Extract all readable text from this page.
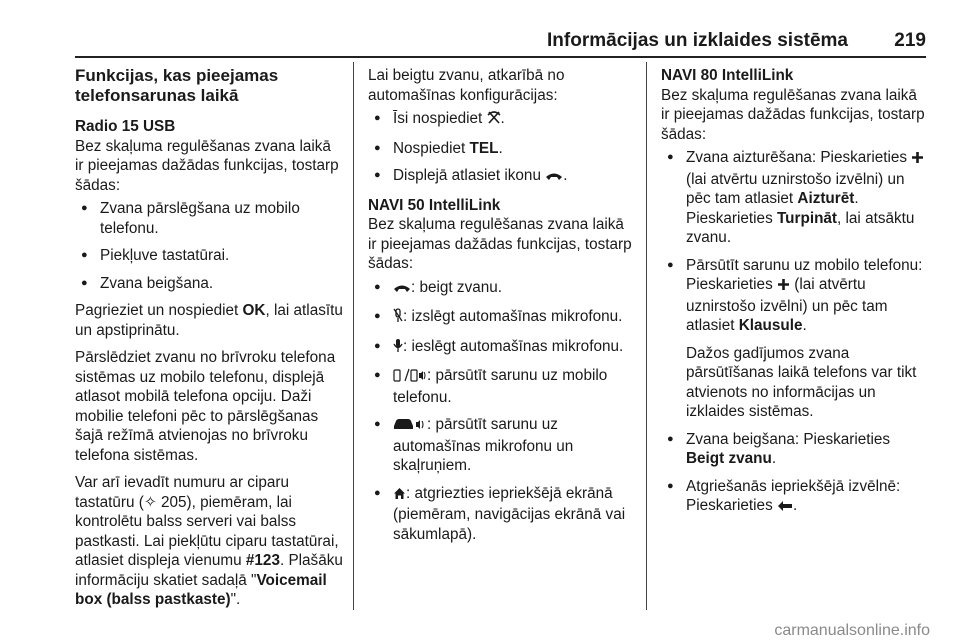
Informācijas un izklaides sistēma 219
Funkcijas, kas pieejamas telefonsarunas laikā

Radio 15 USB

Bez skaļuma regulēšanas zvana laikā ir pieejamas dažādas funkcijas, tostarp šādas:

● Zvana pārslēgšana uz mobilo telefonu.
● Piekļuve tastatūrai.
● Zvana beigšana.

Pagrieziet un nospiediet OK, lai atlasītu un apstiprinātu.

Pārslēdziet zvanu no brīvroku telefona sistēmas uz mobilo telefonu, displejā atlasot mobilā telefona opciju. Daži mobilie telefoni pēc to pārslēgšanas šajā režīmā atvienojas no brīvroku telefona sistēmas.

Var arī ievadīt numuru ar ciparu tastatūru (✧ 205), piemēram, lai kontrolētu balss serveri vai balss pastkasti. Lai piekļūtu ciparu tastatūrai, atlasiet displeja vienumu #123. Plašāku informāciju skatiet sadaļā "Voicemail box (balss pastkaste)".

Lai beigtu zvanu, atkarībā no automašīnas konfigurācijas:

● Īsi nospiediet .
● Nospiediet TEL.
● Displejā atlasiet ikonu .

NAVI 50 IntelliLink

Bez skaļuma regulēšanas zvana laikā ir pieejamas dažādas funkcijas, tostarp šādas:

● : beigt zvanu.
● : izslēgt automašīnas mikrofonu.
● : ieslēgt automašīnas mikrofonu.
● : pārsūtīt sarunu uz mobilo telefonu.
● : pārsūtīt sarunu uz automašīnas mikrofonu un skaļruņiem.
● : atgriezties iepriekšējā ekrānā (piemēram, navigācijas ekrānā vai sākumlapā).

NAVI 80 IntelliLink

Bez skaļuma regulēšanas zvana laikā ir pieejamas dažādas funkcijas, tostarp šādas:

● Zvana aizturēšana: Pieskarieties  (lai atvērtu uznirstošo izvēlni) un pēc tam atlasiet Aizturēt.
Pieskarieties Turpināt, lai atsāktu zvanu.
● Pārsūtīt sarunu uz mobilo telefonu: Pieskarieties  (lai atvērtu uznirstošo izvēlni) un pēc tam atlasiet Klausule.

Dažos gadījumos zvana pārsūtīšanas laikā telefons var tikt atvienots no informācijas un izklaides sistēmas.

● Zvana beigšana: Pieskarieties Beigt zvanu.
● Atgriešanās iepriekšējā izvēlnē: Pieskarieties .
carmanualsonline.info
